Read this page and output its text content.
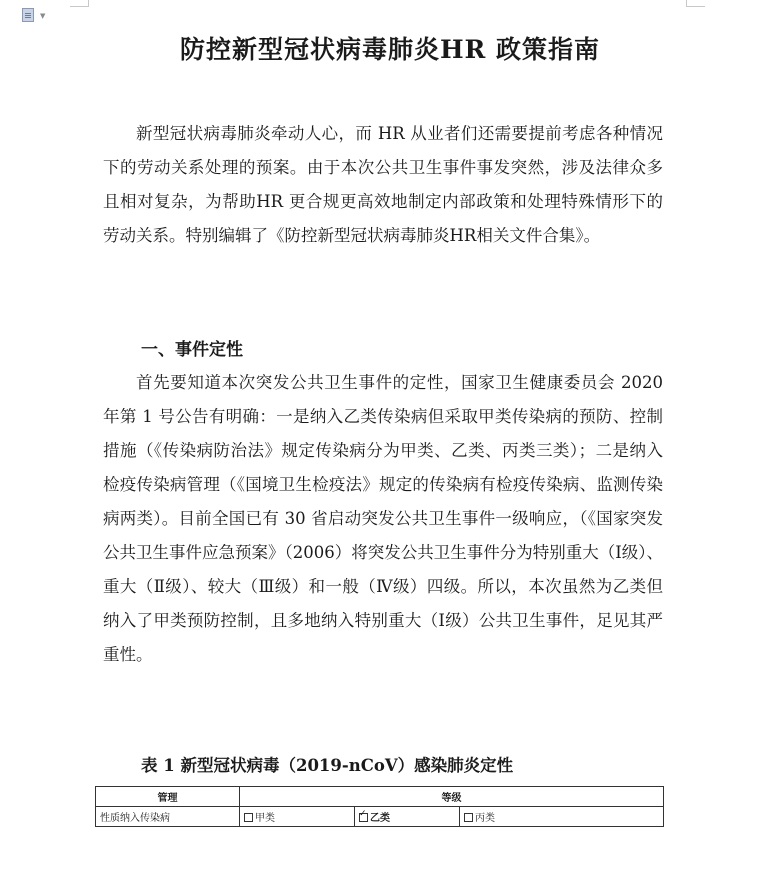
▼
防控新型冠状病毒肺炎HR 政策指南

新型冠状病毒肺炎牵动人心，而 HR 从业者们还需要提前考虑各种情况下的劳动关系处理的预案。由于本次公共卫生事件事发突然，涉及法律众多且相对复杂，为帮助HR 更合规更高效地制定内部政策和处理特殊情形下的劳动关系。特别编辑了《防控新型冠状病毒肺炎HR相关文件合集》。

一、事件定性

首先要知道本次突发公共卫生事件的定性，国家卫生健康委员会 2020 年第 1 号公告有明确：一是纳入乙类传染病但采取甲类传染病的预防、控制措施（《传染病防治法》规定传染病分为甲类、乙类、丙类三类）；二是纳入检疫传染病管理（《国境卫生检疫法》规定的传染病有检疫传染病、监测传染病两类）。目前全国已有 30 省启动突发公共卫生事件一级响应，（《国家突发公共卫生事件应急预案》（2006）将突发公共卫生事件分为特别重大（Ⅰ级）、重大（Ⅱ级）、较大（Ⅲ级）和一般（Ⅳ级）四级。所以，本次虽然为乙类但纳入了甲类预防控制，且多地纳入特别重大（Ⅰ级）公共卫生事件，足见其严重性。

表 1 新型冠状病毒（2019-nCoV）感染肺炎定性

管理	等级		
性质纳入传染病	甲类	✓乙类	丙类
